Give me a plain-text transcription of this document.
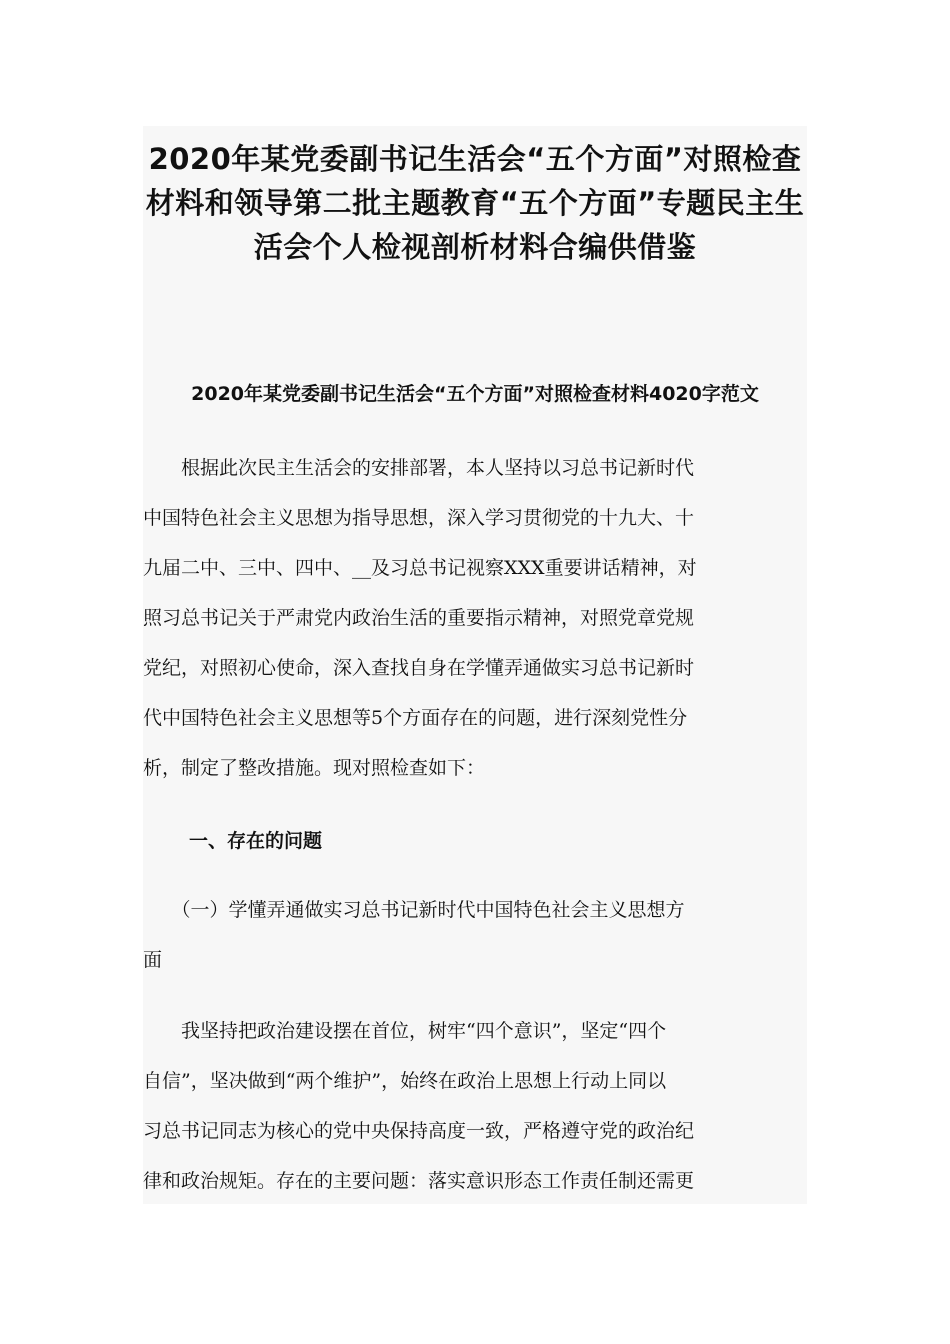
2020年某党委副书记生活会“五个方面”对照检查
材料和领导第二批主题教育“五个方面”专题民主生
活会个人检视剖析材料合编供借鉴
2020年某党委副书记生活会“五个方面”对照检查材料4020字范文

　　根据此次民主生活会的安排部署，本人坚持以习总书记新时代
中国特色社会主义思想为指导思想，深入学习贯彻党的十九大、十
九届二中、三中、四中、__及习总书记视察XXX重要讲话精神，对
照习总书记关于严肃党内政治生活的重要指示精神，对照党章党规
党纪，对照初心使命，深入查找自身在学懂弄通做实习总书记新时
代中国特色社会主义思想等5个方面存在的问题，进行深刻党性分
析，制定了整改措施。现对照检查如下：

一、存在的问题

　　（一）学懂弄通做实习总书记新时代中国特色社会主义思想方
面

　　我坚持把政治建设摆在首位，树牢“四个意识”，坚定“四个
自信”，坚决做到“两个维护”，始终在政治上思想上行动上同以
习总书记同志为核心的党中央保持高度一致，严格遵守党的政治纪
律和政治规矩。存在的主要问题：落实意识形态工作责任制还需更
